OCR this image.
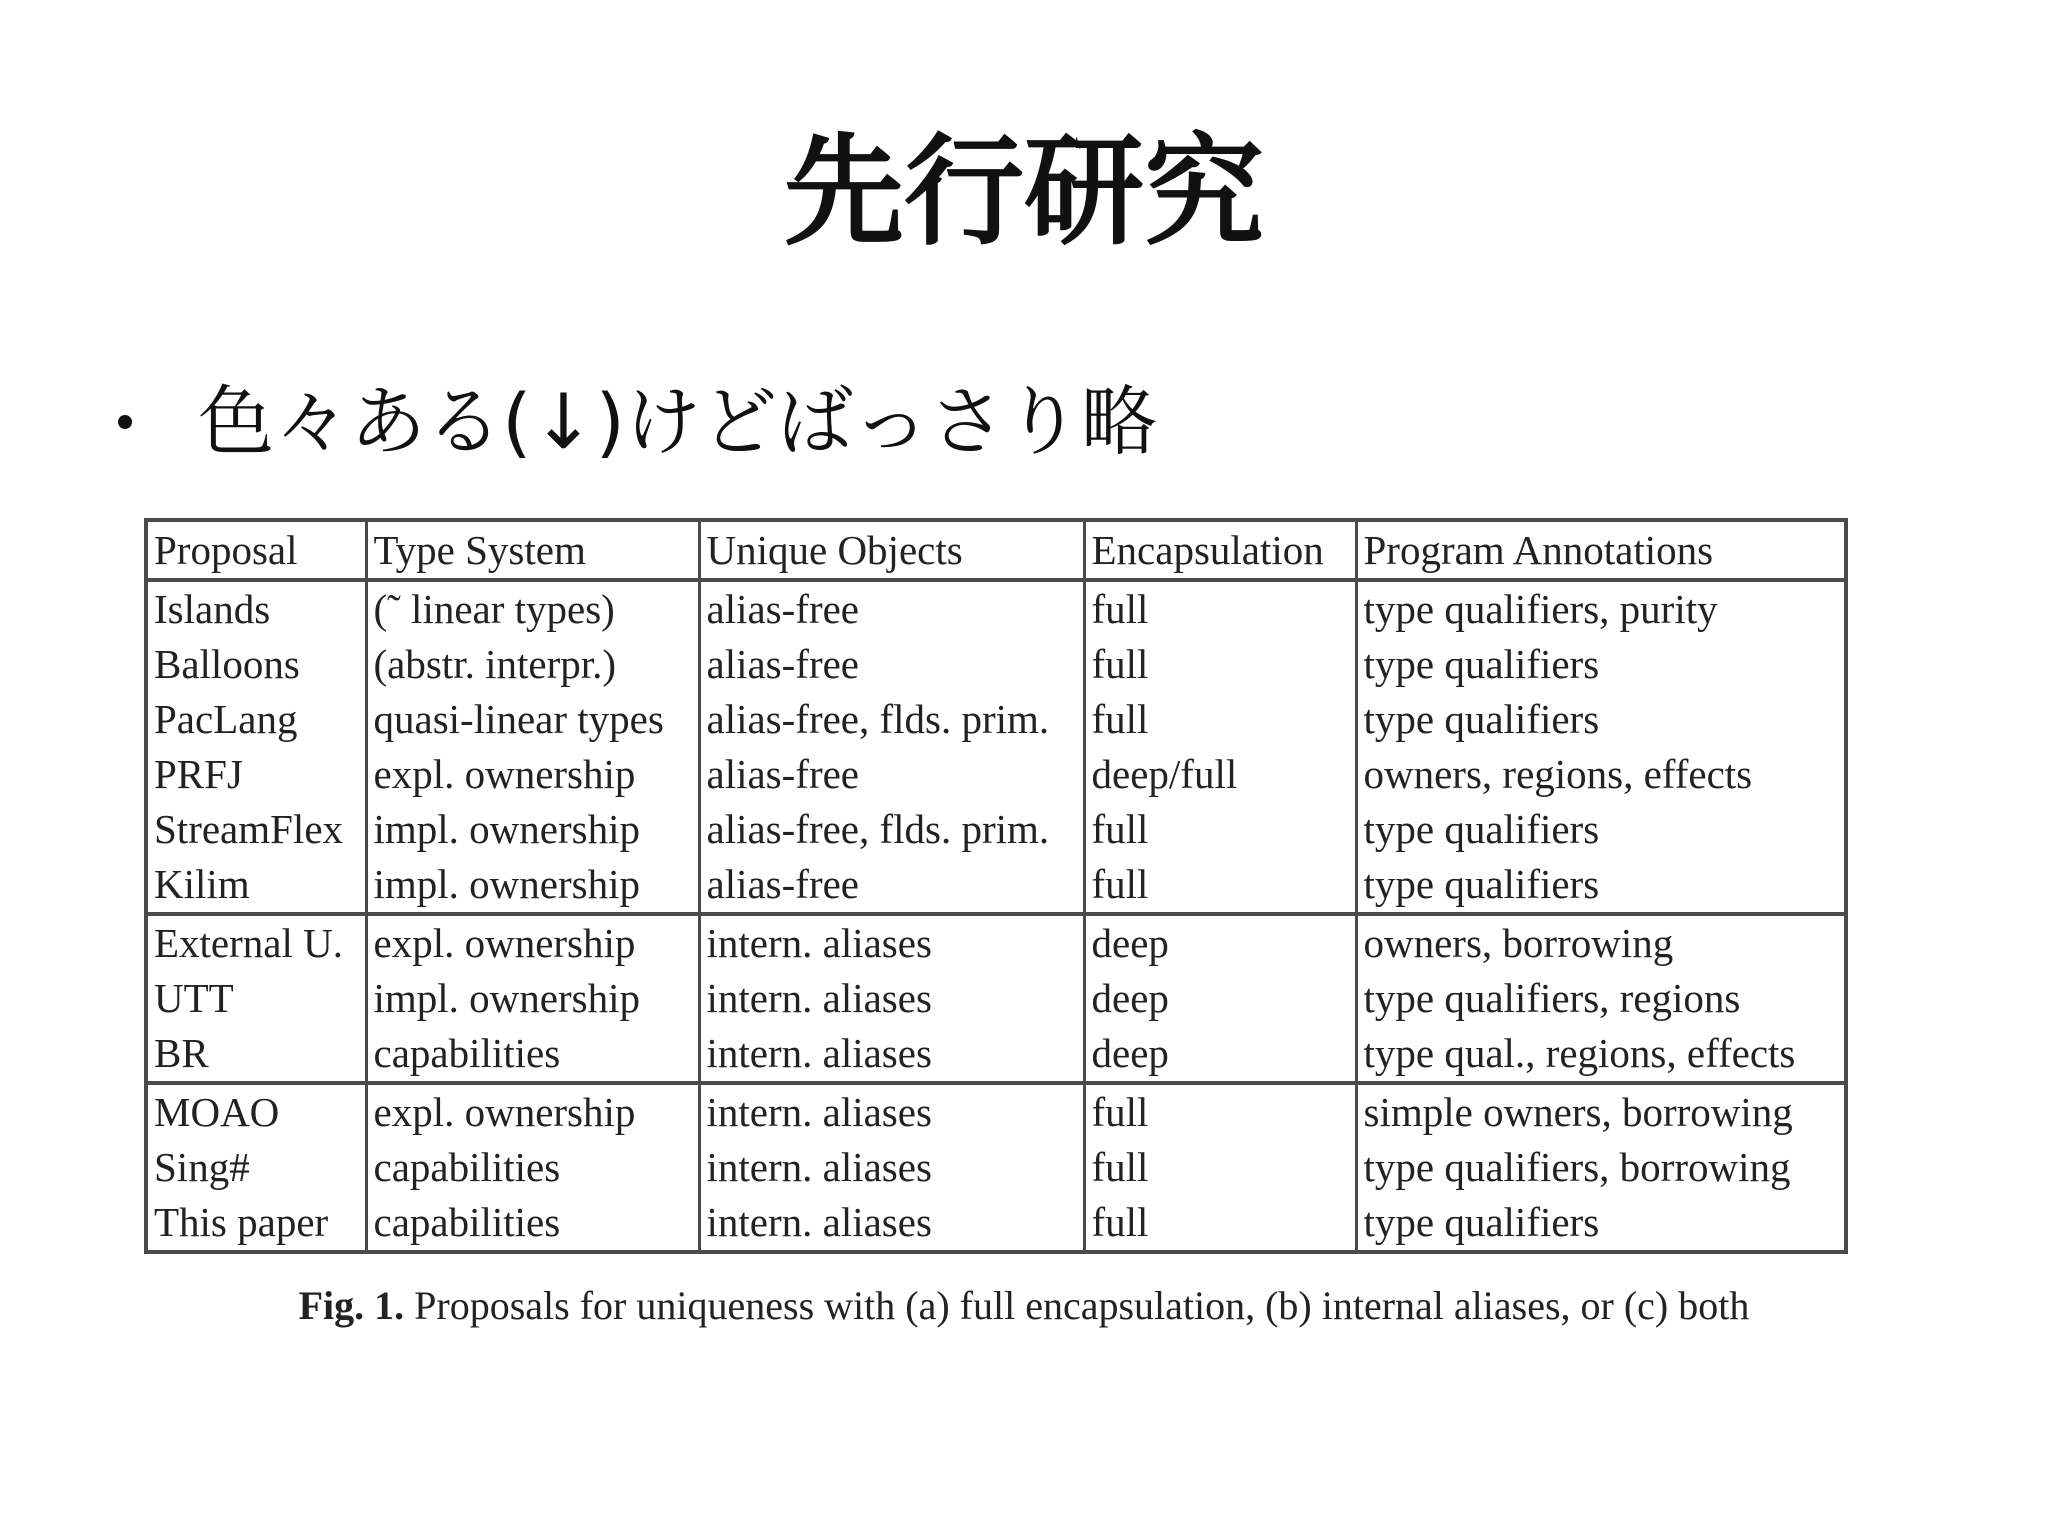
先行研究
色々ある(↓)けどばっさり略
Proposal	Type System	Unique Objects	Encapsulation	Program Annotations
Islands	(˜ linear types)	alias-free	full	type qualifiers, purity
Balloons	(abstr. interpr.)	alias-free	full	type qualifiers
PacLang	quasi-linear types	alias-free, flds. prim.	full	type qualifiers
PRFJ	expl. ownership	alias-free	deep/full	owners, regions, effects
StreamFlex	impl. ownership	alias-free, flds. prim.	full	type qualifiers
Kilim	impl. ownership	alias-free	full	type qualifiers
External U.	expl. ownership	intern. aliases	deep	owners, borrowing
UTT	impl. ownership	intern. aliases	deep	type qualifiers, regions
BR	capabilities	intern. aliases	deep	type qual., regions, effects
MOAO	expl. ownership	intern. aliases	full	simple owners, borrowing
Sing#	capabilities	intern. aliases	full	type qualifiers, borrowing
This paper	capabilities	intern. aliases	full	type qualifiers
Fig. 1. Proposals for uniqueness with (a) full encapsulation, (b) internal aliases, or (c) both
